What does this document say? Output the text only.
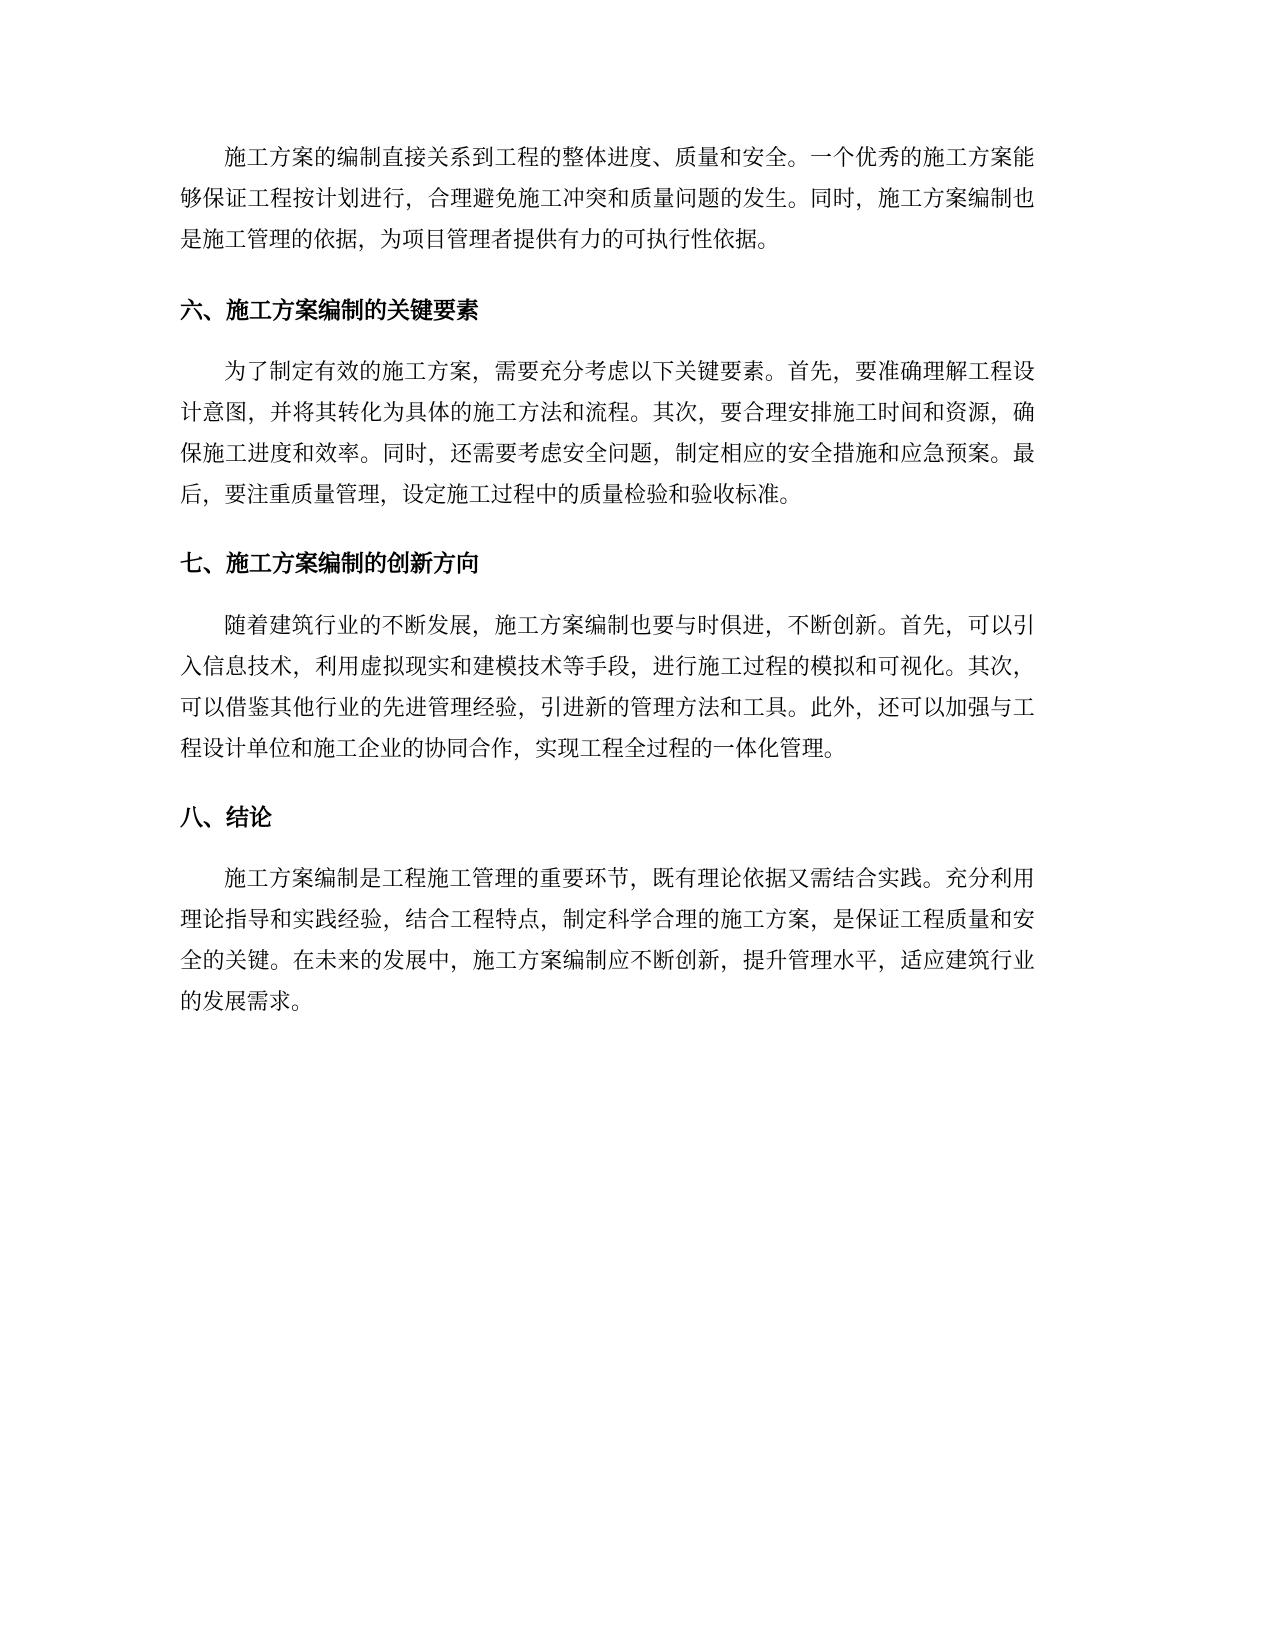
施工方案的编制直接关系到工程的整体进度、质量和安全。一个优秀的施工方案能够保证工程按计划进行，合理避免施工冲突和质量问题的发生。同时，施工方案编制也是施工管理的依据，为项目管理者提供有力的可执行性依据。

六、施工方案编制的关键要素

为了制定有效的施工方案，需要充分考虑以下关键要素。首先，要准确理解工程设计意图，并将其转化为具体的施工方法和流程。其次，要合理安排施工时间和资源，确保施工进度和效率。同时，还需要考虑安全问题，制定相应的安全措施和应急预案。最后，要注重质量管理，设定施工过程中的质量检验和验收标准。

七、施工方案编制的创新方向

随着建筑行业的不断发展，施工方案编制也要与时俱进，不断创新。首先，可以引入信息技术，利用虚拟现实和建模技术等手段，进行施工过程的模拟和可视化。其次，可以借鉴其他行业的先进管理经验，引进新的管理方法和工具。此外，还可以加强与工程设计单位和施工企业的协同合作，实现工程全过程的一体化管理。

八、结论

施工方案编制是工程施工管理的重要环节，既有理论依据又需结合实践。充分利用理论指导和实践经验，结合工程特点，制定科学合理的施工方案，是保证工程质量和安全的关键。在未来的发展中，施工方案编制应不断创新，提升管理水平，适应建筑行业的发展需求。
